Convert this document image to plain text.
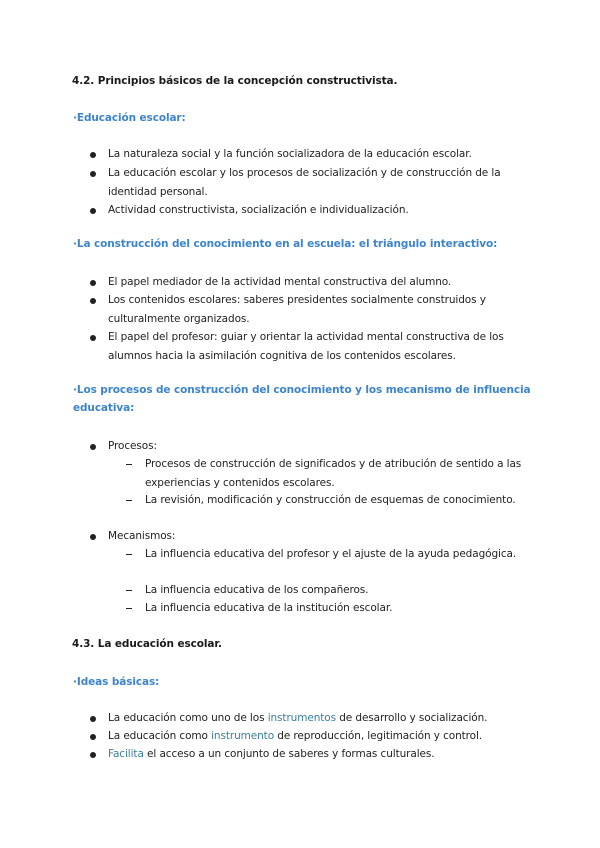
4.2. Principios básicos de la concepción constructivista.
·Educación escolar:
La naturaleza social y la función socializadora de la educación escolar.
La educación escolar y los procesos de socialización y de construcción de la identidad personal.
Actividad constructivista, socialización e individualización.
·La construcción del conocimiento en al escuela: el triángulo interactivo:
El papel mediador de la actividad mental constructiva del alumno.
Los contenidos escolares: saberes presidentes socialmente construidos y culturalmente organizados.
El papel del profesor: guiar y orientar la actividad mental constructiva de los alumnos hacia la asimilación cognitiva de los contenidos escolares.
·Los procesos de construcción del conocimiento y los mecanismo de influencia educativa:
Procesos:
Procesos de construcción de significados y de atribución de sentido a las experiencias y contenidos escolares.
La revisión, modificación y construcción de esquemas de conocimiento.
Mecanismos:
La influencia educativa del profesor y el ajuste de la ayuda pedagógica.
La influencia educativa de los compañeros.
La influencia educativa de la institución escolar.
4.3. La educación escolar.
·Ideas básicas:
La educación como uno de los instrumentos de desarrollo y socialización.
La educación como instrumento de reproducción, legitimación y control.
Facilita el acceso a un conjunto de saberes y formas culturales.
